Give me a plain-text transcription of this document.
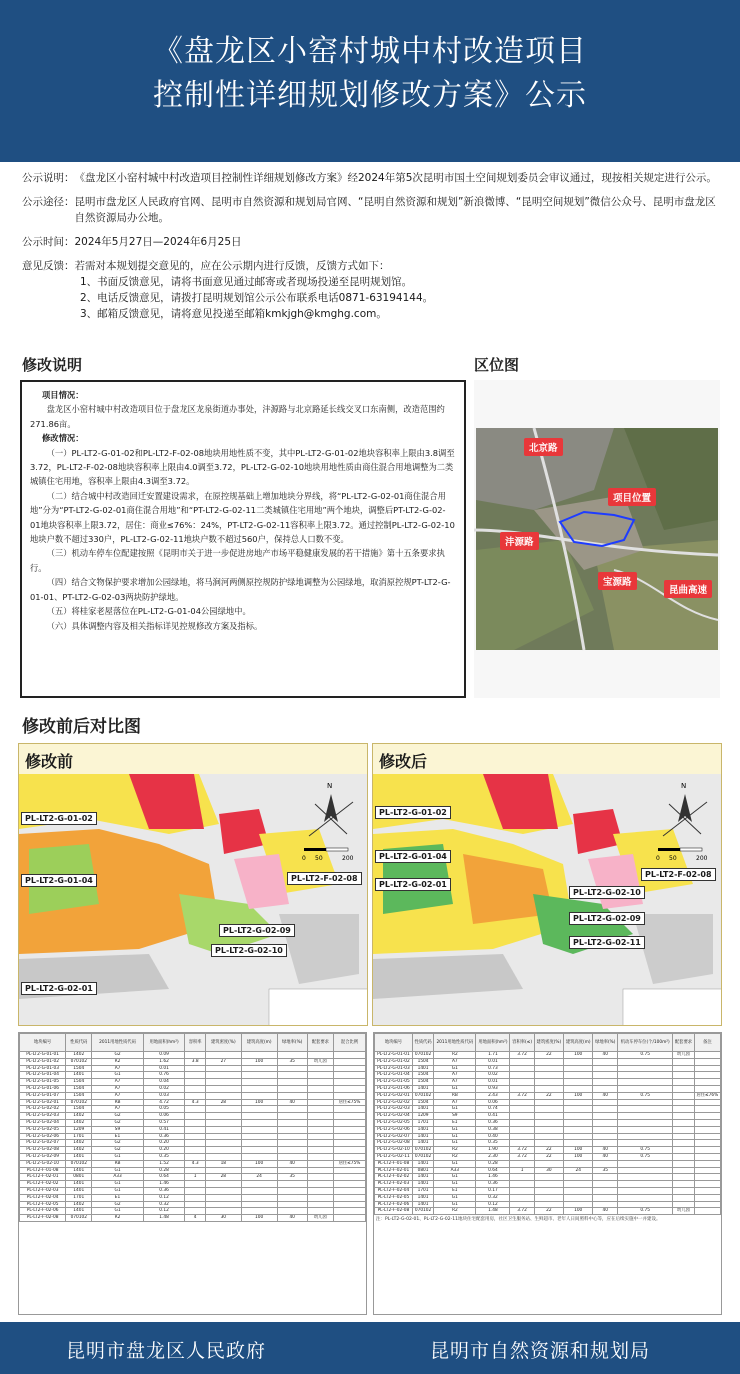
《盘龙区小窑村城中村改造项目
控制性详细规划修改方案》公示
公示说明： 《盘龙区小窑村城中村改造项目控制性详细规划修改方案》经2024年第5次昆明市国土空间规划委员会审议通过，现按相关规定进行公示。
公示途径： 昆明市盘龙区人民政府官网、昆明市自然资源和规划局官网、“昆明自然资源和规划”新浪微博、“昆明空间规划”微信公众号、昆明市盘龙区自然资源局办公地。
公示时间： 2024年5月27日—2024年6月25日
意见反馈： 若需对本规划提交意见的，应在公示期内进行反馈，反馈方式如下：
1、书面反馈意见，请将书面意见通过邮寄或者现场投递至昆明规划馆。
2、电话反馈意见，请拨打昆明规划馆公示公布联系电话0871-63194144。
3、邮箱反馈意见，请将意见投递至邮箱kmkjgh@kmghg.com。
修改说明	区位图
项目情况：

盘龙区小窑村城中村改造项目位于盘龙区龙泉街道办事处，沣源路与北京路延长线交叉口东南侧，改造范围约271.86亩。

修改情况：

（一）PL-LT2-G-01-02和PL-LT2-F-02-08地块用地性质不变，其中PL-LT2-G-01-02地块容积率上限由3.8调至3.72，PL-LT2-F-02-08地块容积率上限由4.0调至3.72，PL-LT2-G-02-10地块用地性质由商住混合用地调整为二类城镇住宅用地，容积率上限由4.3调至3.72。

（二）结合城中村改造回迁安置建设需求，在原控规基础上增加地块分界线，将“PL-LT2-G-02-01商住混合用地”分为“PT-LT2-G-02-01商住混合用地”和“PT-LT2-G-02-11二类城镇住宅用地”两个地块，调整后PT-LT2-G-02-01地块容积率上限3.72，居住：商业≤76%：24%，PT-LT2-G-02-11容积率上限3.72。通过控制PL-LT2-G-02-10地块户数不超过330户，PL-LT2-G-02-11地块户数不超过560户，保持总人口数不变。

（三）机动车停车位配建按照《昆明市关于进一步促进房地产市场平稳健康发展的若干措施》第十五条要求执行。

（四）结合文物保护要求增加公园绿地，将马涧河两侧原控规防护绿地调整为公园绿地，取消原控规PT-LT2-G-01-01、PT-LT2-G-02-03两块防护绿地。

（五）将桂家老屋落位在PL-LT2-G-01-04公园绿地中。

（六）具体调整内容及相关指标详见控规修改方案及指标。

北京路
项目位置
沣源路
宝源路
昆曲高速
修改前后对比图
修改前
N
0 50	200
PL-LT2-G-01-02
PL-LT2-G-01-04	PL-LT2-F-02-08
PL-LT2-G-02-09
PL-LT2-G-02-10
PL-LT2-G-02-01
修改后
N
0 50	200
PL-LT2-G-01-02
PL-LT2-G-01-04
PL-LT2-G-02-01
PL-LT2-F-02-08
PL-LT2-G-02-10
PL-LT2-G-02-09
PL-LT2-G-02-11
地块编号	性质代码	2011用地性质代码	用地面积(hm²)	容积率	建筑密度(%)	建筑高度(m)	绿地率(%)	配套要求	混合比例
PL-LT2-G-01-01	1402	G2	0.09						
PL-LT2-G-01-02	070102	R2	1.62	3.8	27	100	35	幼儿园	
PL-LT2-G-01-03	1504	A7	0.01						
PL-LT2-G-01-04	1401	G1	0.76						
PL-LT2-G-01-05	1504	A7	0.04						
PL-LT2-G-01-06	1504	A7	0.02						
PL-LT2-G-01-07	1504	A7	0.03						
PL-LT2-G-02-01	070102	RB	4.72	4.3	28	100	40		居住≤75%
PL-LT2-G-02-02	1504	A7	0.05						
PL-LT2-G-02-03	1402	G2	0.06						
PL-LT2-G-02-04	1402	G2	0.57						
PL-LT2-G-02-05	1209	S9	0.41						
PL-LT2-G-02-06	1701	E1	0.36						
PL-LT2-G-02-07	1402	G2	0.20						
PL-LT2-G-02-08	1402	G2	0.20						
PL-LT2-G-02-09	1401	G1	0.35						
PL-LT2-G-02-10	070102	RB	1.52	4.3	18	100	40		居住≤75%
PL-LT2-F-01-08	1401	G1	0.28						
PL-LT2-F-02-01	0801	A33	0.64	1	28	24	35		
PL-LT2-F-02-02	1401	G1	1.46						
PL-LT2-F-02-03	1401	G1	0.36						
PL-LT2-F-02-04	1701	E1	0.12						
PL-LT2-F-02-05	1402	G2	0.32						
PL-LT2-F-02-06	1401	G1	0.12						
PL-LT2-F-02-08	070102	R2	1.48	4	30	100	40	幼儿园	
地块编号	性质代码	2011用地性质代码	用地面积(hm²)	容积率(≤)	建筑密度(%)	建筑高度(m)	绿地率(%)	机动车停车位(个/100m²)	配套要求	备注
PL-LT2-G-01-01	070102	R2	1.71	3.72	22	100	40	0.75	幼儿园	
PL-LT2-G-01-02	1504	A7	0.01							
PL-LT2-G-01-03	1401	G1	0.73							
PL-LT2-G-01-04	1504	A7	0.02							
PL-LT2-G-01-05	1504	A7	0.01							
PL-LT2-G-01-06	1401	G1	0.93							
PL-LT2-G-02-01	070102	RB	2.43	3.72	22	100	40	0.75		居住≤76%
PL-LT2-G-02-02	1504	A7	0.06							
PL-LT2-G-02-03	1401	G1	0.74							
PL-LT2-G-02-04	1209	S9	0.41							
PL-LT2-G-02-05	1701	E1	0.36							
PL-LT2-G-02-06	1401	G1	0.38							
PL-LT2-G-02-07	1401	G1	0.40							
PL-LT2-G-02-08	1401	G1	0.35							
PL-LT2-G-02-10	070102	R2	1.90	3.72	22	100	40	0.75		
PL-LT2-G-02-11	070102	R2	2.30	3.72	22	100	40	0.75		
PL-LT2-F-01-08	1401	G1	0.28							
PL-LT2-F-02-01	0801	A33	0.64	1	30	24	35			
PL-LT2-F-02-02	1401	G1	1.46							
PL-LT2-F-02-03	1401	G1	0.36							
PL-LT2-F-02-04	1701	E1	0.17							
PL-LT2-F-02-05	1401	G1	0.32							
PL-LT2-F-02-06	1401	G1	0.12							
PL-LT2-F-02-08	070102	R2	1.48	3.72	22	100	40	0.75	幼儿园	
注：PL-LT2-G-02-01、PL-LT2-G-02-11地块住宅配套用房，社区卫生服务站、生鲜超市、老年人日间照料中心等，应在后续实施中一并建设。
昆明市盘龙区人民政府	昆明市自然资源和规划局
